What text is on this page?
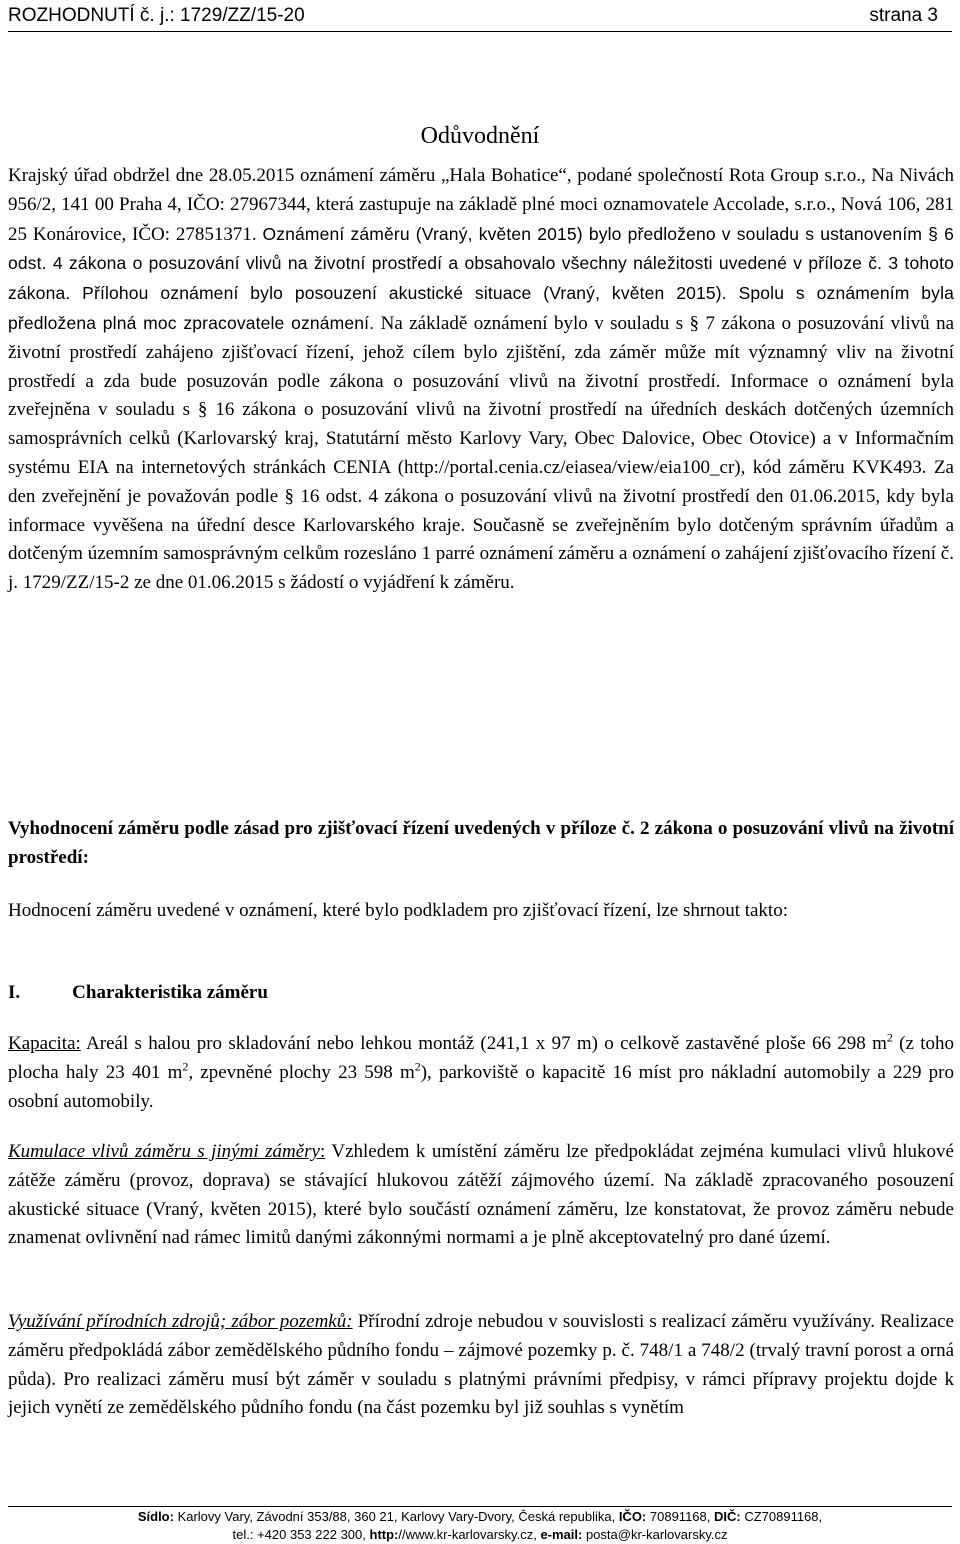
ROZHODNUTÍ č. j.: 1729/ZZ/15-20	strana 3
Odůvodnění
Krajský úřad obdržel dne 28.05.2015 oznámení záměru „Hala Bohatice“, podané společností Rota Group s.r.o., Na Nivách 956/2, 141 00 Praha 4, IČO: 27967344, která zastupuje na základě plné moci oznamovatele Accolade, s.r.o., Nová 106, 281 25 Konárovice, IČO: 27851371. Oznámení záměru (Vraný, květen 2015) bylo předloženo v souladu s ustanovením § 6 odst. 4 zákona o posuzování vlivů na životní prostředí a obsahovalo všechny náležitosti uvedené v příloze č. 3 tohoto zákona. Přílohou oznámení bylo posouzení akustické situace (Vraný, květen 2015). Spolu s oznámením byla předložena plná moc zpracovatele oznámení. Na základě oznámení bylo v souladu s § 7 zákona o posuzování vlivů na životní prostředí zahájeno zjišťovací řízení, jehož cílem bylo zjištění, zda záměr může mít významný vliv na životní prostředí a zda bude posuzován podle zákona o posuzování vlivů na životní prostředí. Informace o oznámení byla zveřejněna v souladu s § 16 zákona o posuzování vlivů na životní prostředí na úředních deskách dotčených územních samosprávních celků (Karlovarský kraj, Statutární město Karlovy Vary, Obec Dalovice, Obec Otovice) a v Informačním systému EIA na internetových stránkách CENIA (http://portal.cenia.cz/eiasea/view/eia100_cr), kód záměru KVK493. Za den zveřejnění je považován podle § 16 odst. 4 zákona o posuzování vlivů na životní prostředí den 01.06.2015, kdy byla informace vyvěšena na úřední desce Karlovarského kraje. Současně se zveřejněním bylo dotčeným správním úřadům a dotčeným územním samosprávným celkům rozesláno 1 parré oznámení záměru a oznámení o zahájení zjišťovacího řízení č. j. 1729/ZZ/15-2 ze dne 01.06.2015 s žádostí o vyjádření k záměru.
Vyhodnocení záměru podle zásad pro zjišťovací řízení uvedených v příloze č. 2 zákona o posuzování vlivů na životní prostředí:
Hodnocení záměru uvedené v oznámení, které bylo podkladem pro zjišťovací řízení, lze shrnout takto:
I.	Charakteristika záměru
Kapacita: Areál s halou pro skladování nebo lehkou montáž (241,1 x 97 m) o celkově zastavěné ploše 66 298 $m^2$ (z toho plocha haly 23 401 $m^2$, zpevněné plochy 23 598 $m^2$), parkoviště o kapacitě 16 míst pro nákladní automobily a 229 pro osobní automobily.
Kumulace vlivů záměru s jinými záměry: Vzhledem k umístění záměru lze předpokládat zejména kumulaci vlivů hlukové zátěže záměru (provoz, doprava) se stávající hlukovou zátěží zájmového území. Na základě zpracovaného posouzení akustické situace (Vraný, květen 2015), které bylo součástí oznámení záměru, lze konstatovat, že provoz záměru nebude znamenat ovlivnění nad rámec limitů danými zákonnými normami a je plně akceptovatelný pro dané území.
Využívání přírodních zdrojů; zábor pozemků: Přírodní zdroje nebudou v souvislosti s realizací záměru využívány. Realizace záměru předpokládá zábor zemědělského půdního fondu – zájmové pozemky p. č. 748/1 a 748/2 (trvalý travní porost a orná půda). Pro realizaci záměru musí být záměr v souladu s platnými právními předpisy, v rámci přípravy projektu dojde k jejich vynětí ze zemědělského půdního fondu (na část pozemku byl již souhlas s vynětím
Sídlo: Karlovy Vary, Závodní 353/88, 360 21, Karlovy Vary-Dvory, Česká republika, IČO: 70891168, DIČ: CZ70891168,
tel.: +420 353 222 300, http://www.kr-karlovarsky.cz, e-mail: posta@kr-karlovarsky.cz
